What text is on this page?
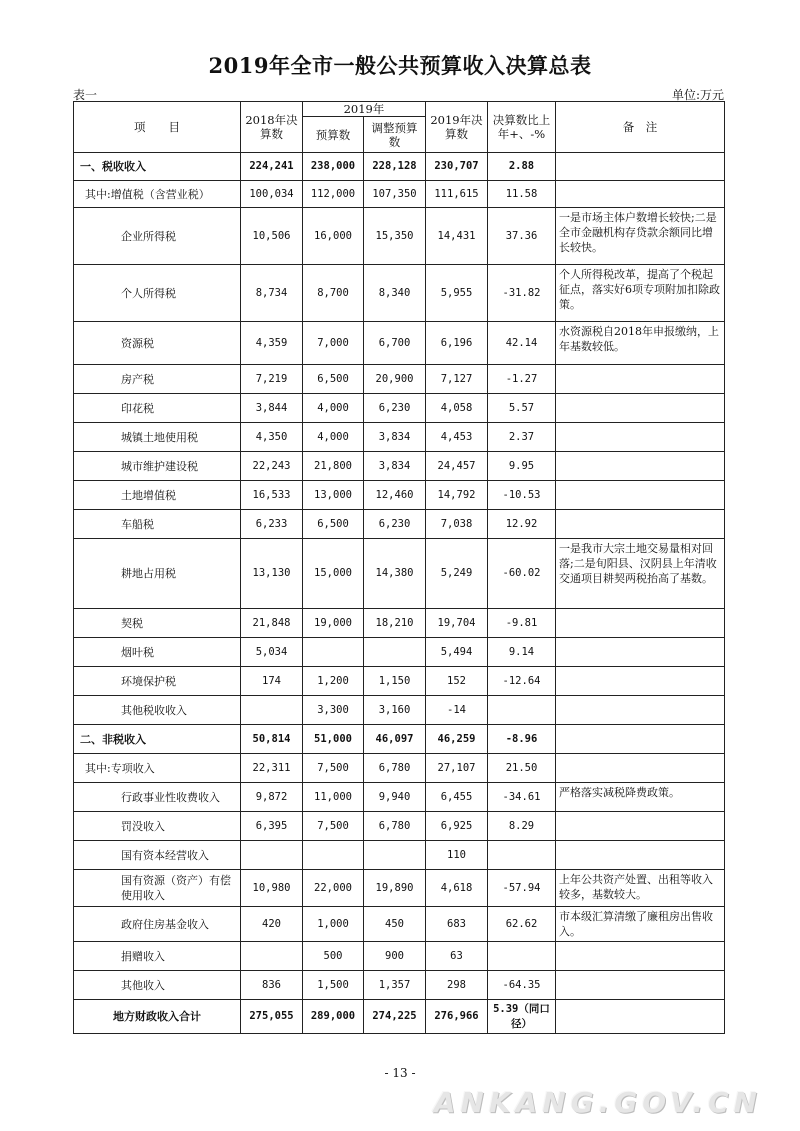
2019年全市一般公共预算收入决算总表
表一	单位:万元
项　　目	2018年决算数	2019年		2019年决算数	决算数比上年+、-%	备　注
		预算数	调整预算数			
一、税收收入	224,241	238,000	228,128	230,707	2.88	
其中:增值税（含营业税）	100,034	112,000	107,350	111,615	11.58	
企业所得税	10,506	16,000	15,350	14,431	37.36	一是市场主体户数增长较快;二是全市金融机构存贷款余额同比增长较快。
个人所得税	8,734	8,700	8,340	5,955	-31.82	个人所得税改革，提高了个税起征点，落实好6项专项附加扣除政策。
资源税	4,359	7,000	6,700	6,196	42.14	水资源税自2018年申报缴纳，上年基数较低。
房产税	7,219	6,500	20,900	7,127	-1.27	
印花税	3,844	4,000	6,230	4,058	5.57	
城镇土地使用税	4,350	4,000	3,834	4,453	2.37	
城市维护建设税	22,243	21,800	3,834	24,457	9.95	
土地增值税	16,533	13,000	12,460	14,792	-10.53	
车船税	6,233	6,500	6,230	7,038	12.92	
耕地占用税	13,130	15,000	14,380	5,249	-60.02	一是我市大宗土地交易量相对回落;二是旬阳县、汉阴县上年清收交通项目耕契两税抬高了基数。
契税	21,848	19,000	18,210	19,704	-9.81	
烟叶税	5,034			5,494	9.14	
环境保护税	174	1,200	1,150	152	-12.64	
其他税收收入		3,300	3,160	-14		
二、非税收入	50,814	51,000	46,097	46,259	-8.96	
其中:专项收入	22,311	7,500	6,780	27,107	21.50	
行政事业性收费收入	9,872	11,000	9,940	6,455	-34.61	严格落实减税降费政策。
罚没收入	6,395	7,500	6,780	6,925	8.29	
国有资本经营收入				110		
国有资源（资产）有偿使用收入	10,980	22,000	19,890	4,618	-57.94	上年公共资产处置、出租等收入较多，基数较大。
政府住房基金收入	420	1,000	450	683	62.62	市本级汇算清缴了廉租房出售收入。
捐赠收入		500	900	63		
其他收入	836	1,500	1,357	298	-64.35	
地方财政收入合计	275,055	289,000	274,225	276,966	5.39（同口径）	
- 13 -
ANKANG.GOV.CN
